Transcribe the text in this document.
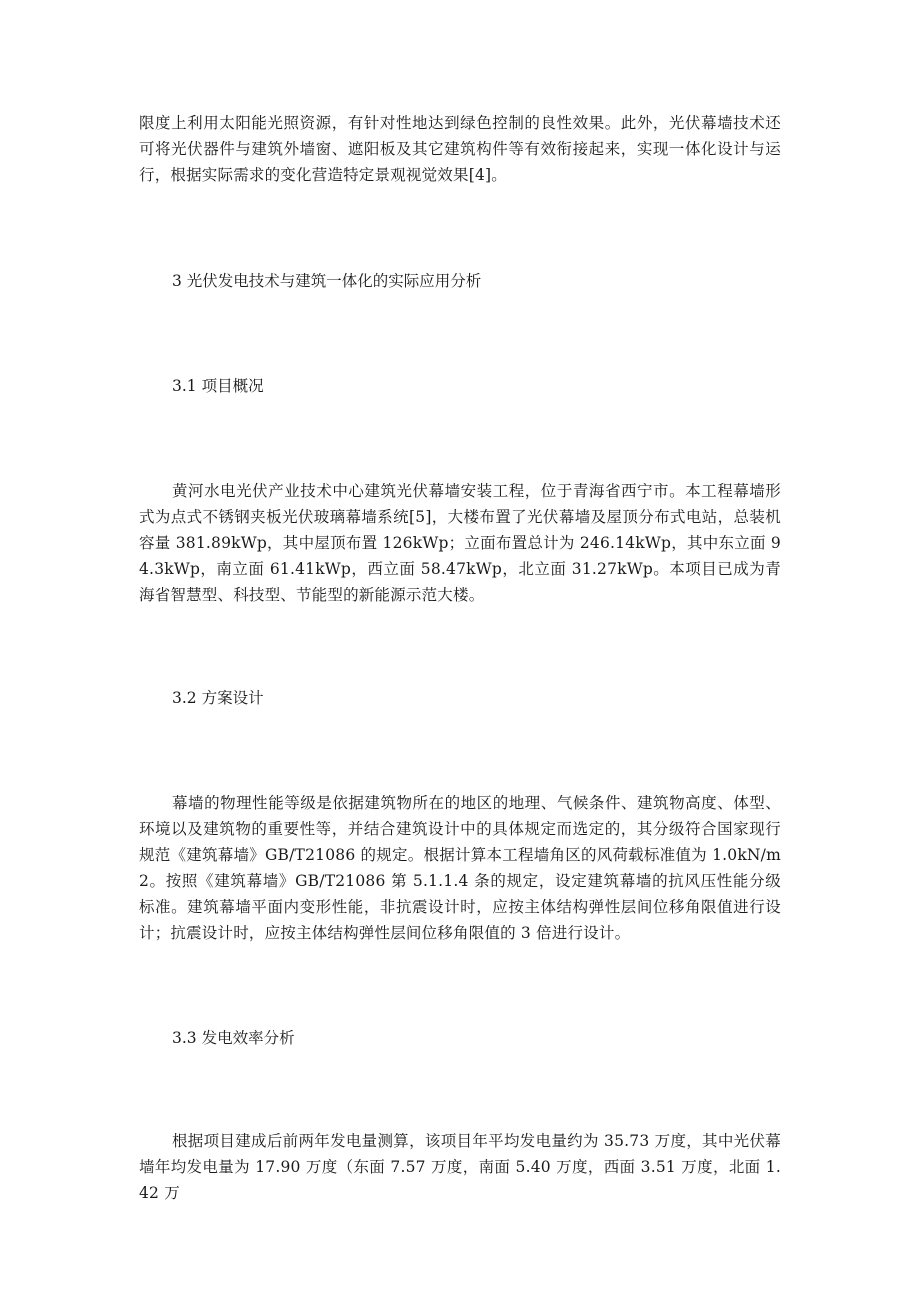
限度上利用太阳能光照资源，有针对性地达到绿色控制的良性效果。此外，光伏幕墙技术还可将光伏器件与建筑外墙窗、遮阳板及其它建筑构件等有效衔接起来，实现一体化设计与运行，根据实际需求的变化营造特定景观视觉效果[4]。

3 光伏发电技术与建筑一体化的实际应用分析
3.1 项目概况

黄河水电光伏产业技术中心建筑光伏幕墙安装工程，位于青海省西宁市。本工程幕墙形式为点式不锈钢夹板光伏玻璃幕墙系统[5]，大楼布置了光伏幕墙及屋顶分布式电站，总装机容量 381.89kWp，其中屋顶布置 126kWp；立面布置总计为 246.14kWp，其中东立面 94.3kWp，南立面 61.41kWp，西立面 58.47kWp，北立面 31.27kWp。本项目已成为青海省智慧型、科技型、节能型的新能源示范大楼。

3.2 方案设计

幕墙的物理性能等级是依据建筑物所在的地区的地理、气候条件、建筑物高度、体型、环境以及建筑物的重要性等，并结合建筑设计中的具体规定而选定的，其分级符合国家现行规范《建筑幕墙》GB/T21086 的规定。根据计算本工程墙角区的风荷载标准值为 1.0kN/m2。按照《建筑幕墙》GB/T21086 第 5.1.1.4 条的规定，设定建筑幕墙的抗风压性能分级标准。建筑幕墙平面内变形性能，非抗震设计时，应按主体结构弹性层间位移角限值进行设计；抗震设计时，应按主体结构弹性层间位移角限值的 3 倍进行设计。

3.3 发电效率分析

根据项目建成后前两年发电量测算，该项目年平均发电量约为 35.73 万度，其中光伏幕墙年均发电量为 17.90 万度（东面 7.57 万度，南面 5.40 万度，西面 3.51 万度，北面 1.42 万
